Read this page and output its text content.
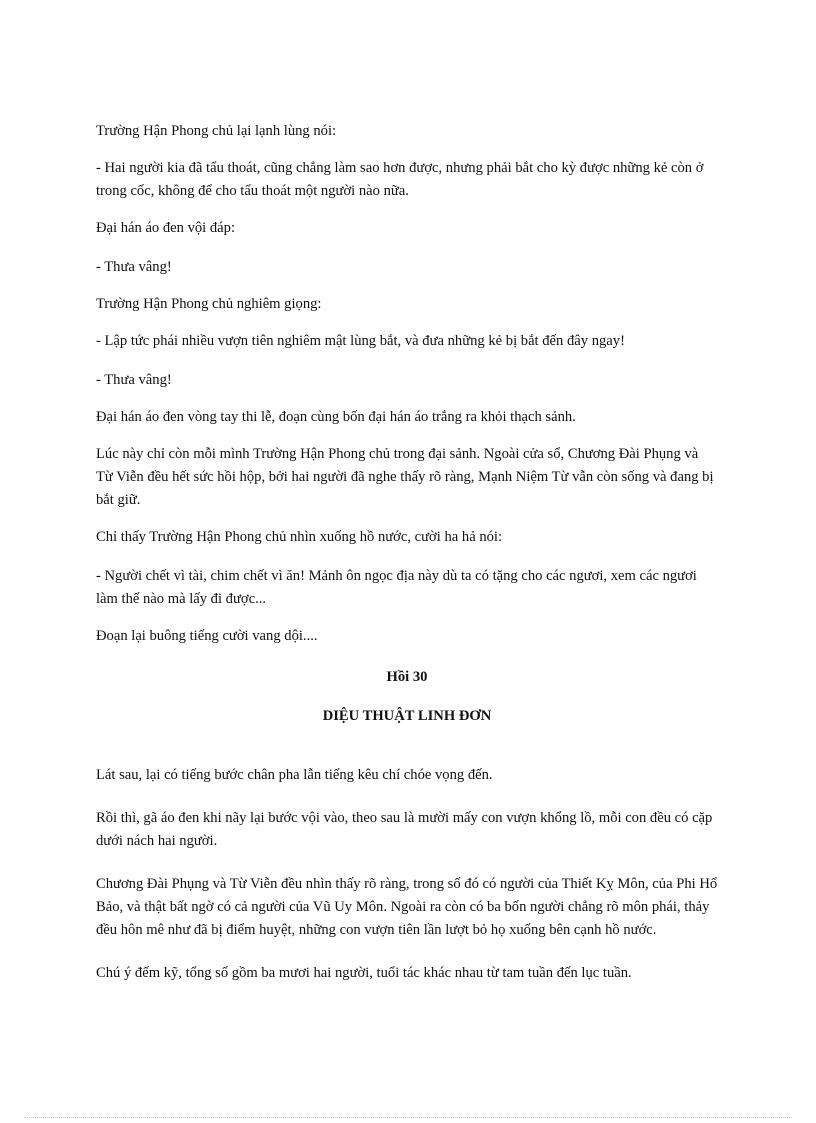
Trường Hận Phong chủ lại lạnh lùng nói:

- Hai người kia đã tẩu thoát, cũng chẳng làm sao hơn được, nhưng phải bắt cho kỳ được những kẻ còn ở trong cốc, không để cho tẩu thoát một người nào nữa.

Đại hán áo đen vội đáp:

- Thưa vâng!

Trường Hận Phong chủ nghiêm giọng:

- Lập tức phái nhiều vượn tiên nghiêm mật lùng bắt, và đưa những kẻ bị bắt đến đây ngay!

- Thưa vâng!

Đại hán áo đen vòng tay thi lễ, đoạn cùng bốn đại hán áo trắng ra khỏi thạch sảnh.

Lúc này chỉ còn mỗi mình Trường Hận Phong chủ trong đại sảnh. Ngoài cửa sổ, Chương Đài Phụng và Từ Viễn đều hết sức hồi hộp, bởi hai người đã nghe thấy rõ ràng, Mạnh Niệm Từ vẫn còn sống và đang bị bắt giữ.

Chỉ thấy Trường Hận Phong chủ nhìn xuống hồ nước, cười ha hả nói:

- Người chết vì tài, chim chết vì ăn! Mảnh ôn ngọc địa này dù ta có tặng cho các ngươi, xem các ngươi làm thế nào mà lấy đi được...

Đoạn lại buông tiếng cười vang dội....

Hồi 30

DIỆU THUẬT LINH ĐƠN

Lát sau, lại có tiếng bước chân pha lẫn tiếng kêu chí chóe vọng đến.

Rồi thì, gã áo đen khi nãy lại bước vội vào, theo sau là mười mấy con vượn khổng lồ, mỗi con đều có cặp dưới nách hai người.

Chương Đài Phụng và Từ Viễn đều nhìn thấy rõ ràng, trong số đó có người của Thiết Kỵ Môn, của Phi Hổ Bảo, và thật bất ngờ có cả người của Vũ Uy Môn. Ngoài ra còn có ba bốn người chẳng rõ môn phái, thảy đều hôn mê như đã bị điểm huyệt, những con vượn tiên lần lượt bỏ họ xuống bên cạnh hồ nước.

Chú ý đếm kỹ, tổng số gồm ba mươi hai người, tuổi tác khác nhau từ tam tuần đến lục tuần.
